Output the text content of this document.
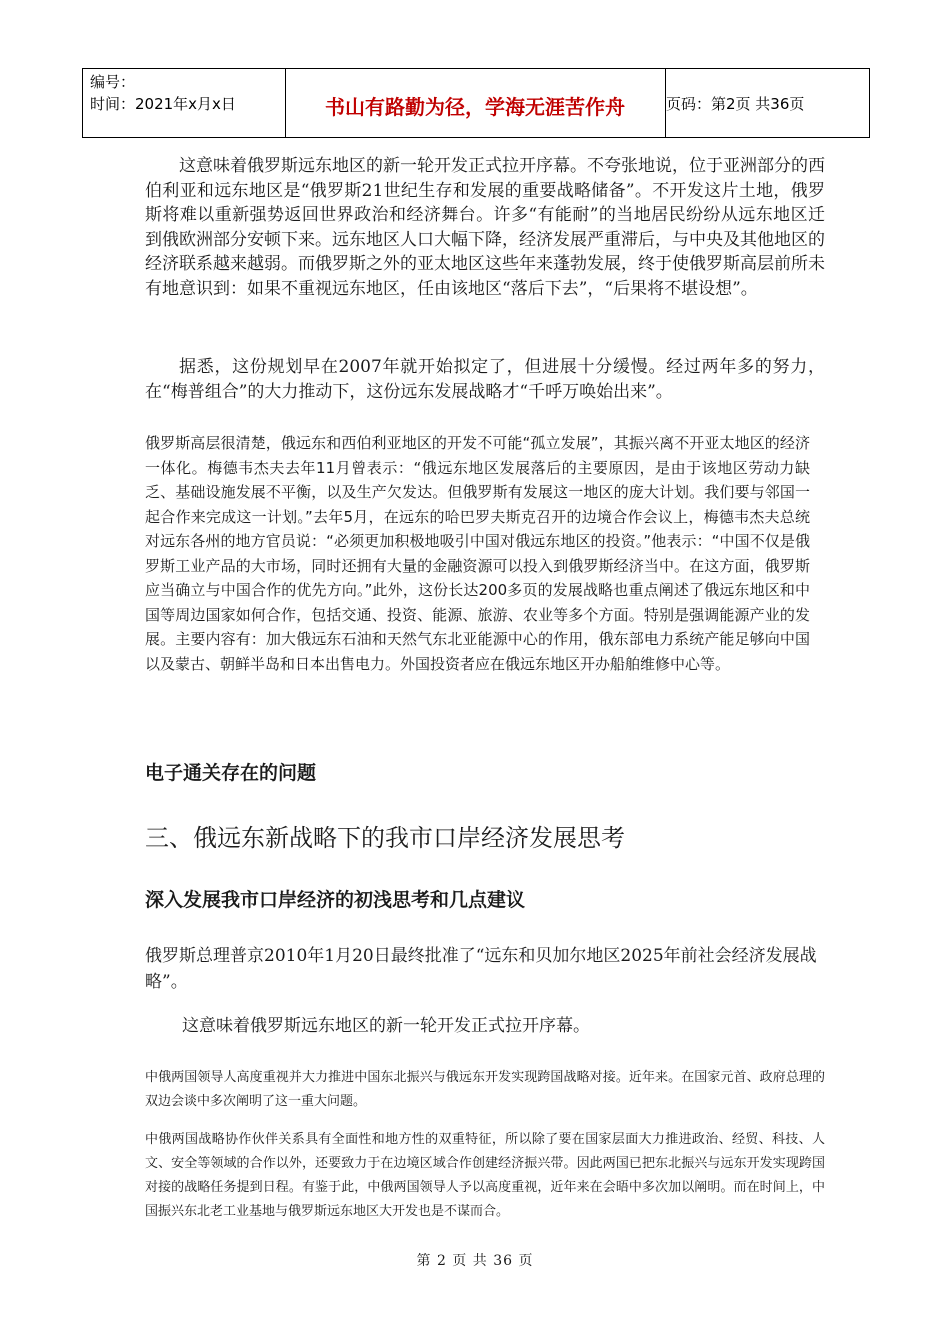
编号：
时间：2021年x月x日	书山有路勤为径，学海无涯苦作舟	页码：第2页 共36页

这意味着俄罗斯远东地区的新一轮开发正式拉开序幕。不夸张地说，位于亚洲部分的西伯利亚和远东地区是“俄罗斯21世纪生存和发展的重要战略储备”。不开发这片土地，俄罗斯将难以重新强势返回世界政治和经济舞台。许多“有能耐”的当地居民纷纷从远东地区迁到俄欧洲部分安顿下来。远东地区人口大幅下降，经济发展严重滞后，与中央及其他地区的经济联系越来越弱。而俄罗斯之外的亚太地区这些年来蓬勃发展，终于使俄罗斯高层前所未有地意识到：如果不重视远东地区，任由该地区“落后下去”，“后果将不堪设想”。

据悉，这份规划早在2007年就开始拟定了，但进展十分缓慢。经过两年多的努力，在“梅普组合”的大力推动下，这份远东发展战略才“千呼万唤始出来”。

俄罗斯高层很清楚，俄远东和西伯利亚地区的开发不可能“孤立发展”，其振兴离不开亚太地区的经济一体化。梅德韦杰夫去年11月曾表示：“俄远东地区发展落后的主要原因，是由于该地区劳动力缺乏、基础设施发展不平衡，以及生产欠发达。但俄罗斯有发展这一地区的庞大计划。我们要与邻国一起合作来完成这一计划。”去年5月，在远东的哈巴罗夫斯克召开的边境合作会议上，梅德韦杰夫总统对远东各州的地方官员说：“必须更加积极地吸引中国对俄远东地区的投资。”他表示：“中国不仅是俄罗斯工业产品的大市场，同时还拥有大量的金融资源可以投入到俄罗斯经济当中。在这方面，俄罗斯应当确立与中国合作的优先方向。”此外，这份长达200多页的发展战略也重点阐述了俄远东地区和中国等周边国家如何合作，包括交通、投资、能源、旅游、农业等多个方面。特别是强调能源产业的发展。主要内容有：加大俄远东石油和天然气东北亚能源中心的作用，俄东部电力系统产能足够向中国以及蒙古、朝鲜半岛和日本出售电力。外国投资者应在俄远东地区开办船舶维修中心等。

电子通关存在的问题
三、俄远东新战略下的我市口岸经济发展思考
深入发展我市口岸经济的初浅思考和几点建议

俄罗斯总理普京2010年1月20日最终批准了“远东和贝加尔地区2025年前社会经济发展战略”。

这意味着俄罗斯远东地区的新一轮开发正式拉开序幕。

中俄两国领导人高度重视并大力推进中国东北振兴与俄远东开发实现跨国战略对接。近年来。在国家元首、政府总理的双边会谈中多次阐明了这一重大问题。

中俄两国战略协作伙伴关系具有全面性和地方性的双重特征，所以除了要在国家层面大力推进政治、经贸、科技、人文、安全等领域的合作以外，还要致力于在边境区域合作创建经济振兴带。因此两国已把东北振兴与远东开发实现跨国对接的战略任务提到日程。有鉴于此，中俄两国领导人予以高度重视，近年来在会晤中多次加以阐明。而在时间上，中国振兴东北老工业基地与俄罗斯远东地区大开发也是不谋而合。

第 2 页 共 36 页
